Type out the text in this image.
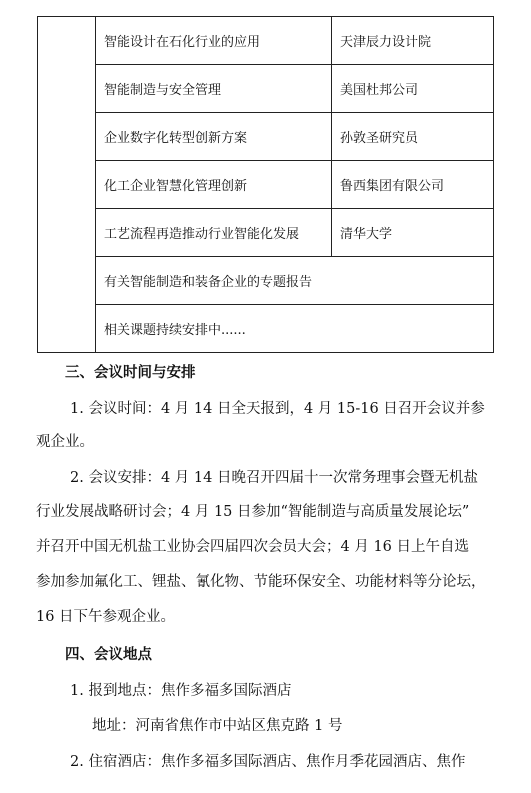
	智能设计在石化行业的应用	天津辰力设计院
	智能制造与安全管理	美国杜邦公司
	企业数字化转型创新方案	孙敦圣研究员
	化工企业智慧化管理创新	鲁西集团有限公司
	工艺流程再造推动行业智能化发展	清华大学
	有关智能制造和装备企业的专题报告	
	相关课题持续安排中......	
三、会议时间与安排
1. 会议时间：4 月 14 日全天报到，4 月 15-16 日召开会议并参
观企业。
2. 会议安排：4 月 14 日晚召开四届十一次常务理事会暨无机盐
行业发展战略研讨会；4 月 15 日参加“智能制造与高质量发展论坛”
并召开中国无机盐工业协会四届四次会员大会；4 月 16 日上午自选
参加参加氟化工、锂盐、氰化物、节能环保安全、功能材料等分论坛，
16 日下午参观企业。
四、会议地点
1. 报到地点：焦作多福多国际酒店
地址：河南省焦作市中站区焦克路 1 号
2. 住宿酒店：焦作多福多国际酒店、焦作月季花园酒店、焦作
